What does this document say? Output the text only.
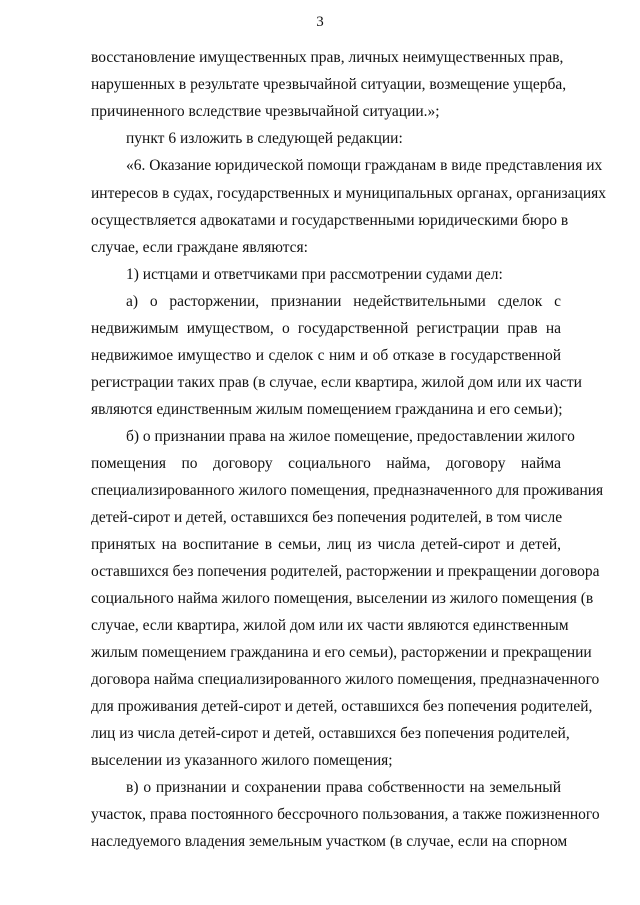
3
восстановление имущественных прав, личных неимущественных прав,
нарушенных в результате чрезвычайной ситуации, возмещение ущерба,
причиненного вследствие чрезвычайной ситуации.»;
пункт 6 изложить в следующей редакции:
«6. Оказание юридической помощи гражданам в виде представления их
интересов в судах, государственных и муниципальных органах, организациях
осуществляется адвокатами и государственными юридическими бюро в
случае, если граждане являются:
1) истцами и ответчиками при рассмотрении судами дел:
а) о расторжении, признании недействительными сделок с
недвижимым имуществом, о государственной регистрации прав на
недвижимое имущество и сделок с ним и об отказе в государственной
регистрации таких прав (в случае, если квартира, жилой дом или их части
являются единственным жилым помещением гражданина и его семьи);
б) о признании права на жилое помещение, предоставлении жилого
помещения по договору социального найма, договору найма
специализированного жилого помещения, предназначенного для проживания
детей-сирот и детей, оставшихся без попечения родителей, в том числе
принятых на воспитание в семьи, лиц из числа детей-сирот и детей,
оставшихся без попечения родителей, расторжении и прекращении договора
социального найма жилого помещения, выселении из жилого помещения (в
случае, если квартира, жилой дом или их части являются единственным
жилым помещением гражданина и его семьи), расторжении и прекращении
договора найма специализированного жилого помещения, предназначенного
для проживания детей-сирот и детей, оставшихся без попечения родителей,
лиц из числа детей-сирот и детей, оставшихся без попечения родителей,
выселении из указанного жилого помещения;
в) о признании и сохранении права собственности на земельный
участок, права постоянного бессрочного пользования, а также пожизненного
наследуемого владения земельным участком (в случае, если на спорном
